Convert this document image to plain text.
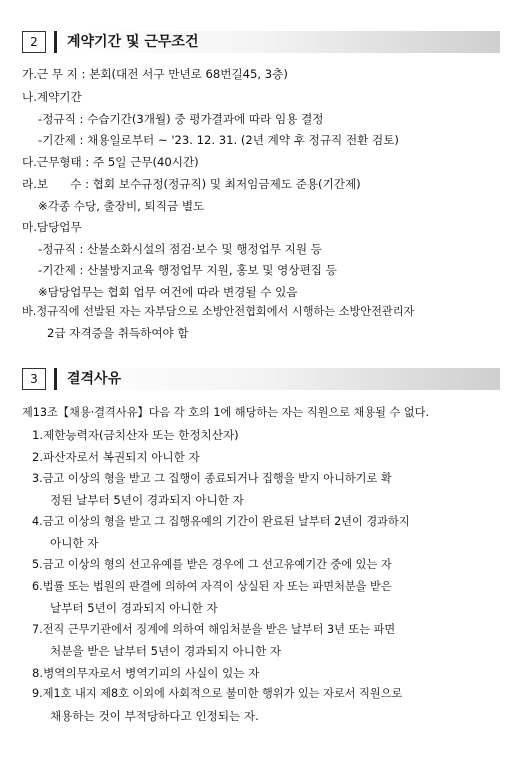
2	계약기간 및 근무조건
가.근 무 지 : 본회(대전 서구 만년로 68번길45, 3층)
나.계약기간
-정규직 : 수습기간(3개월) 중 평가결과에 따라 임용 결정
-기간제 : 채용일로부터 ~ '23. 12. 31. (2년 계약 후 정규직 전환 검토)
다.근무형태 : 주 5일 근무(40시간)
라.보      수 : 협회 보수규정(정규직) 및 최저임금제도 준용(기간제)
※각종 수당, 출장비, 퇴직금 별도
마.담당업무
-정규직 : 산불소화시설의 점검·보수 및 행정업무 지원 등
-기간제 : 산불방지교육 행정업무 지원, 홍보 및 영상편집 등
※담당업무는 협회 업무 여건에 따라 변경될 수 있음
바.정규직에 선발된 자는 자부담으로 소방안전협회에서 시행하는 소방안전관리자
2급 자격증을 취득하여야 함
3	결격사유
제13조【채용·결격사유】다음 각 호의 1에 해당하는 자는 직원으로 채용될 수 없다.
1.제한능력자(금치산자 또는 한정치산자)
2.파산자로서 복권되지 아니한 자
3.금고 이상의 형을 받고 그 집행이 종료되거나 집행을 받지 아니하기로 확
정된 날부터 5년이 경과되지 아니한 자
4.금고 이상의 형을 받고 그 집행유예의 기간이 완료된 날부터 2년이 경과하지
아니한 자
5.금고 이상의 형의 선고유예를 받은 경우에 그 선고유예기간 중에 있는 자
6.법률 또는 법원의 판결에 의하여 자격이 상실된 자 또는 파면처분을 받은
날부터 5년이 경과되지 아니한 자
7.전직 근무기관에서 징계에 의하여 해임처분을 받은 날부터 3년 또는 파면
처분을 받은 날부터 5년이 경과되지 아니한 자
8.병역의무자로서 병역기피의 사실이 있는 자
9.제1호 내지 제8호 이외에 사회적으로 불미한 행위가 있는 자로서 직원으로
채용하는 것이 부적당하다고 인정되는 자.
